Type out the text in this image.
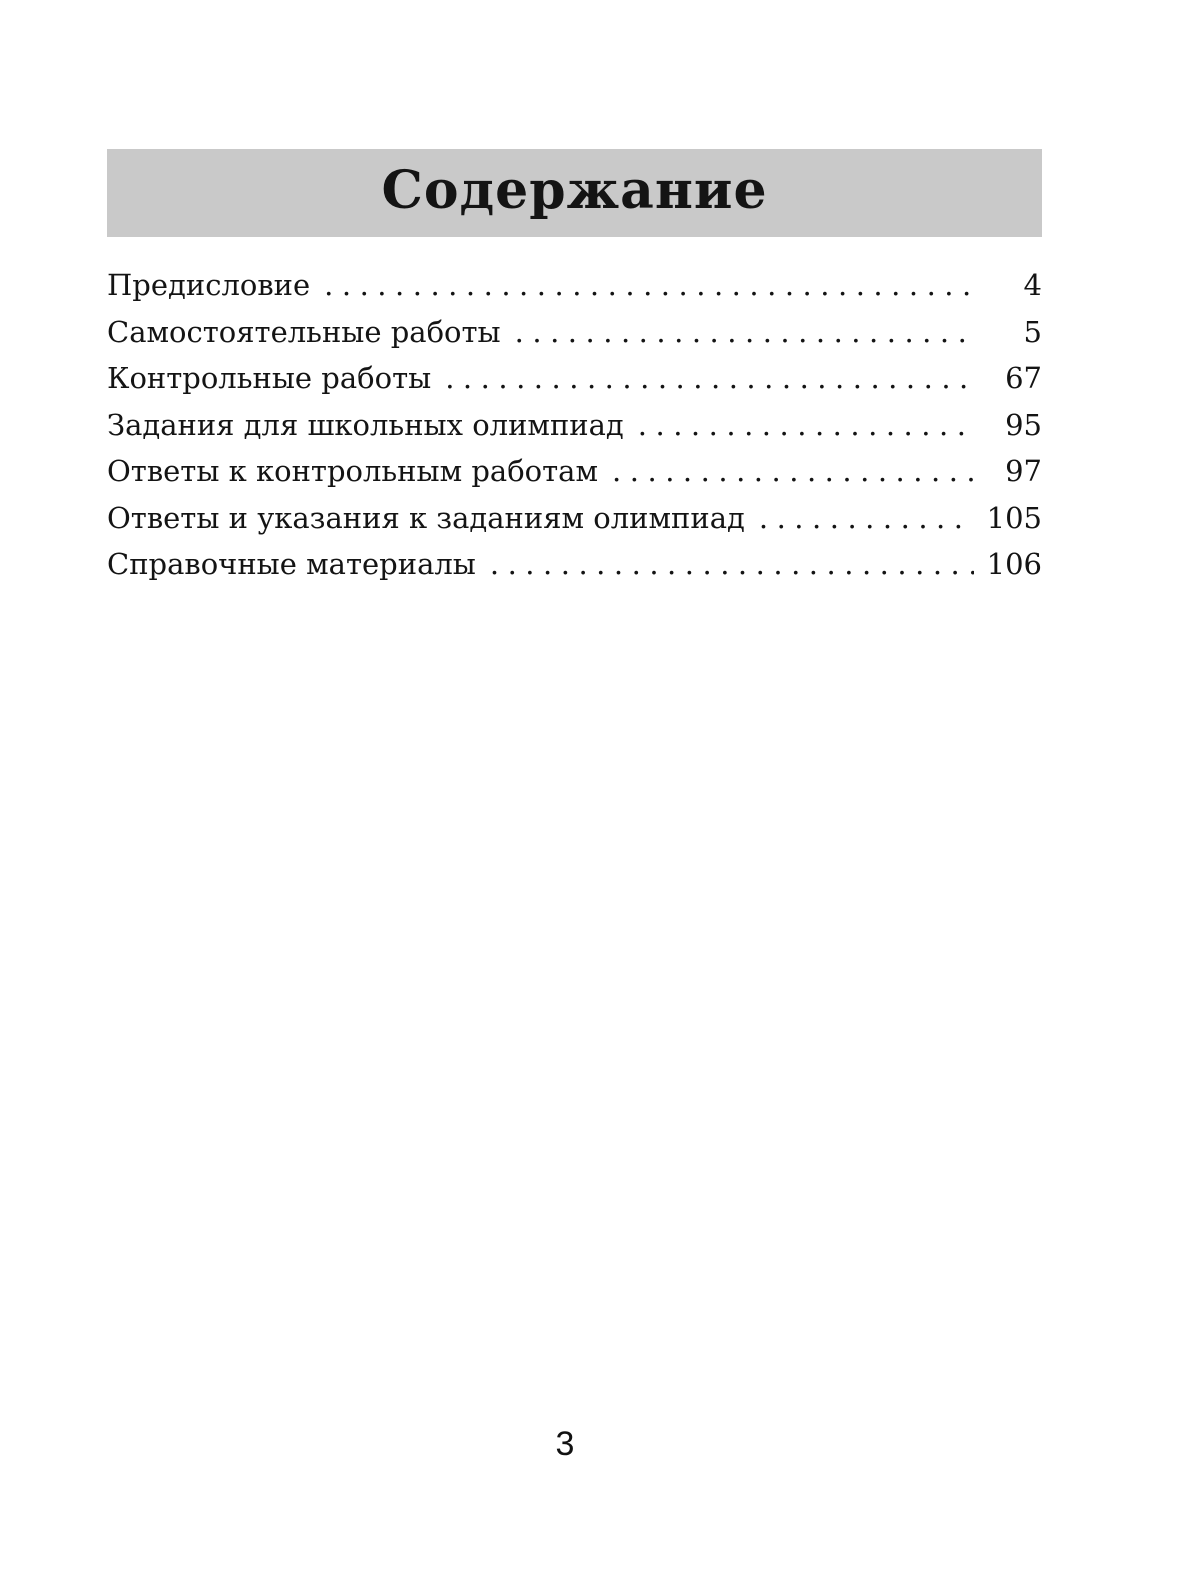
Содержание
Предисловие .....	4
Самостоятельные работы .....	5
Контрольные работы .....	67
Задания для школьных олимпиад .....	95
Ответы к контрольным работам .....	97
Ответы и указания к заданиям олимпиад .....	105
Справочные материалы .....	106
3
